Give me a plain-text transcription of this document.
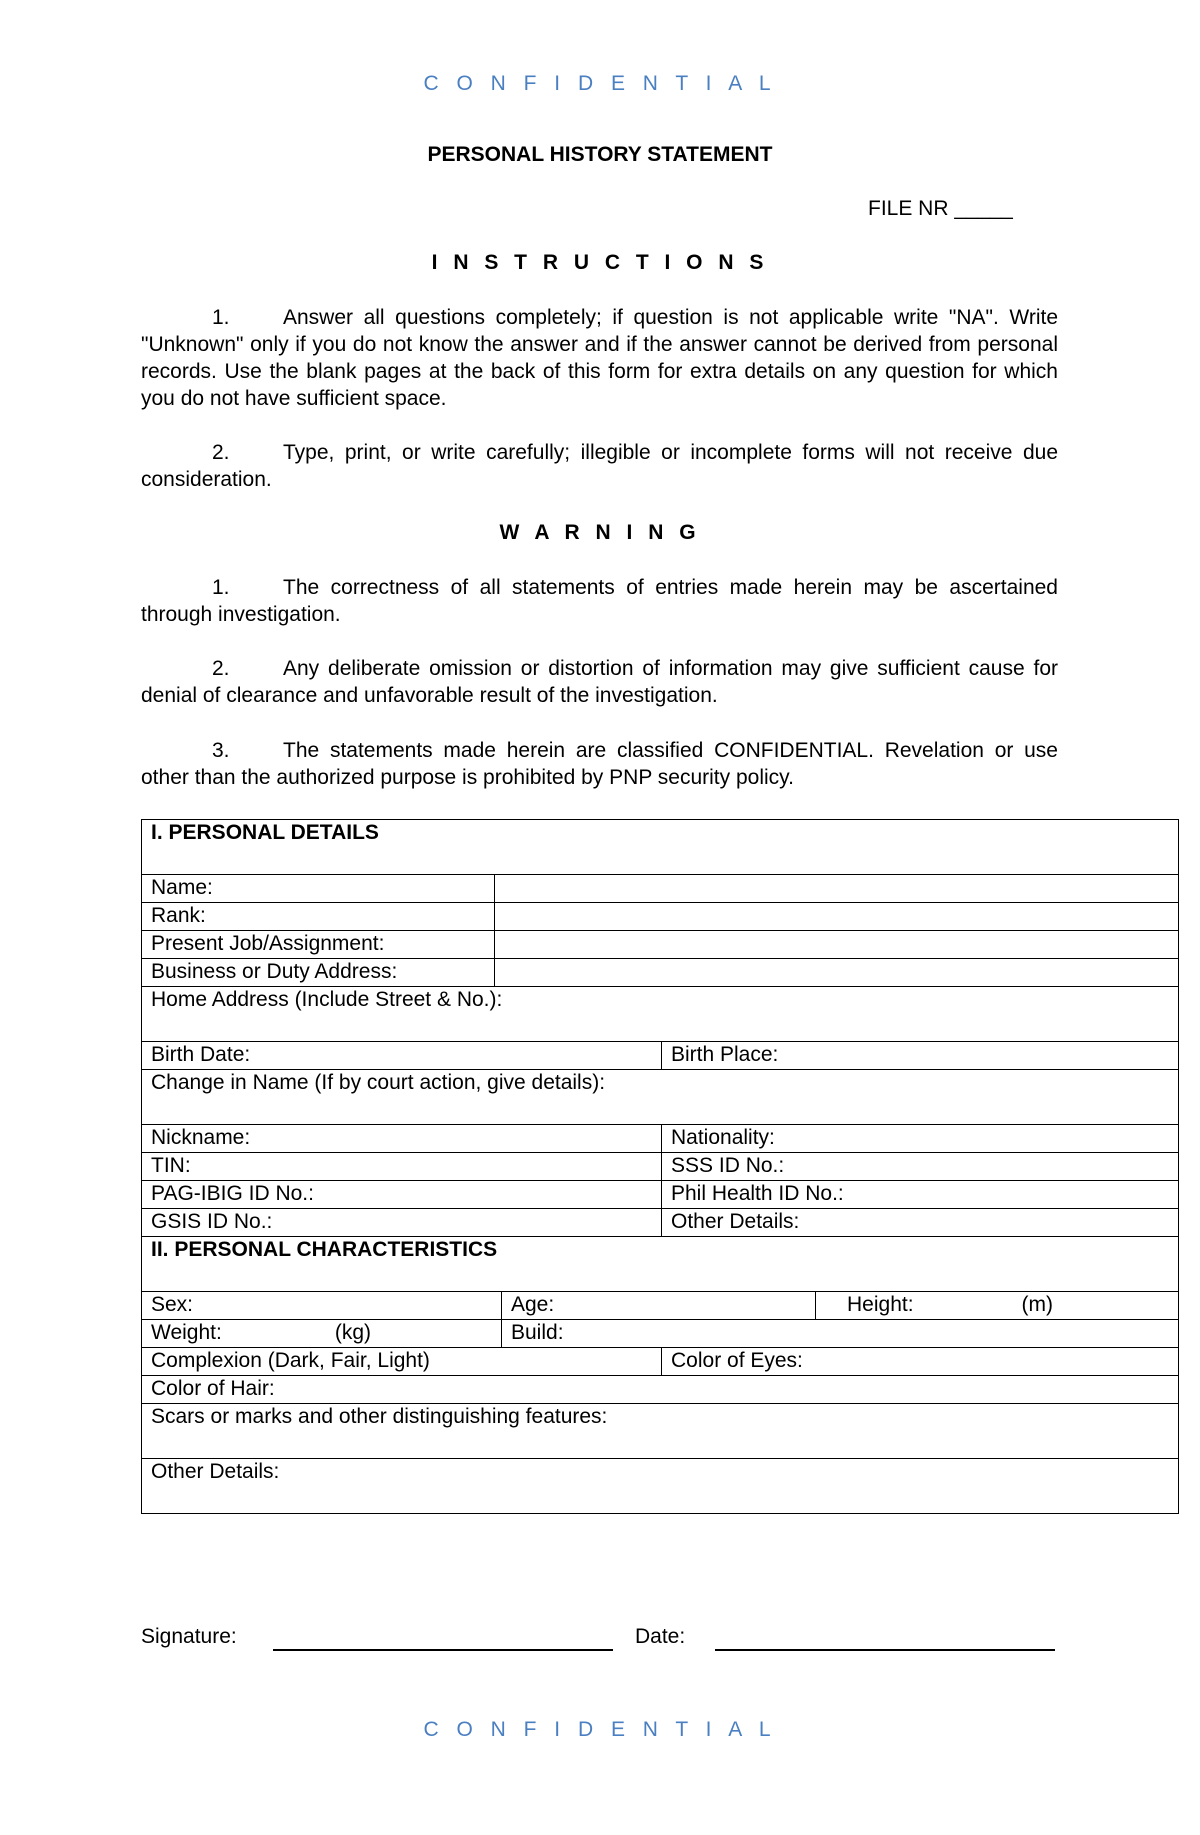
C O N F I D E N T I A L
PERSONAL HISTORY STATEMENT
FILE NR _____
I N S T R U C T I O N S
1.	Answer all questions completely; if question is not applicable write "NA". Write "Unknown" only if you do not know the answer and if the answer cannot be derived from personal records. Use the blank pages at the back of this form for extra details on any question for which you do not have sufficient space.
2.	Type, print, or write carefully; illegible or incomplete forms will not receive due consideration.
W A R N I N G
1.	The correctness of all statements of entries made herein may be ascertained through investigation.
2.	Any deliberate omission or distortion of information may give sufficient cause for denial of clearance and unfavorable result of the investigation.
3.	The statements made herein are classified CONFIDENTIAL. Revelation or use other than the authorized purpose is prohibited by PNP security policy.
I. PERSONAL DETAILS				
Name:				
Rank:				
Present Job/Assignment:				
Business or Duty Address:				
Home Address (Include Street & No.):				
Birth Date:			Birth Place:	
Change in Name (If by court action, give details):				
Nickname:			Nationality:	
TIN:			SSS ID No.:	
PAG-IBIG ID No.:			Phil Health ID No.:	
GSIS ID No.:			Other Details:	
II. PERSONAL CHARACTERISTICS				
Sex:		Age:		Height: (m)
Weight: (kg)		Build:		
Complexion (Dark, Fair, Light)			Color of Eyes:	
Color of Hair:				
Scars or marks and other distinguishing features:				
Other Details:				
Signature:	Date:
C O N F I D E N T I A L
